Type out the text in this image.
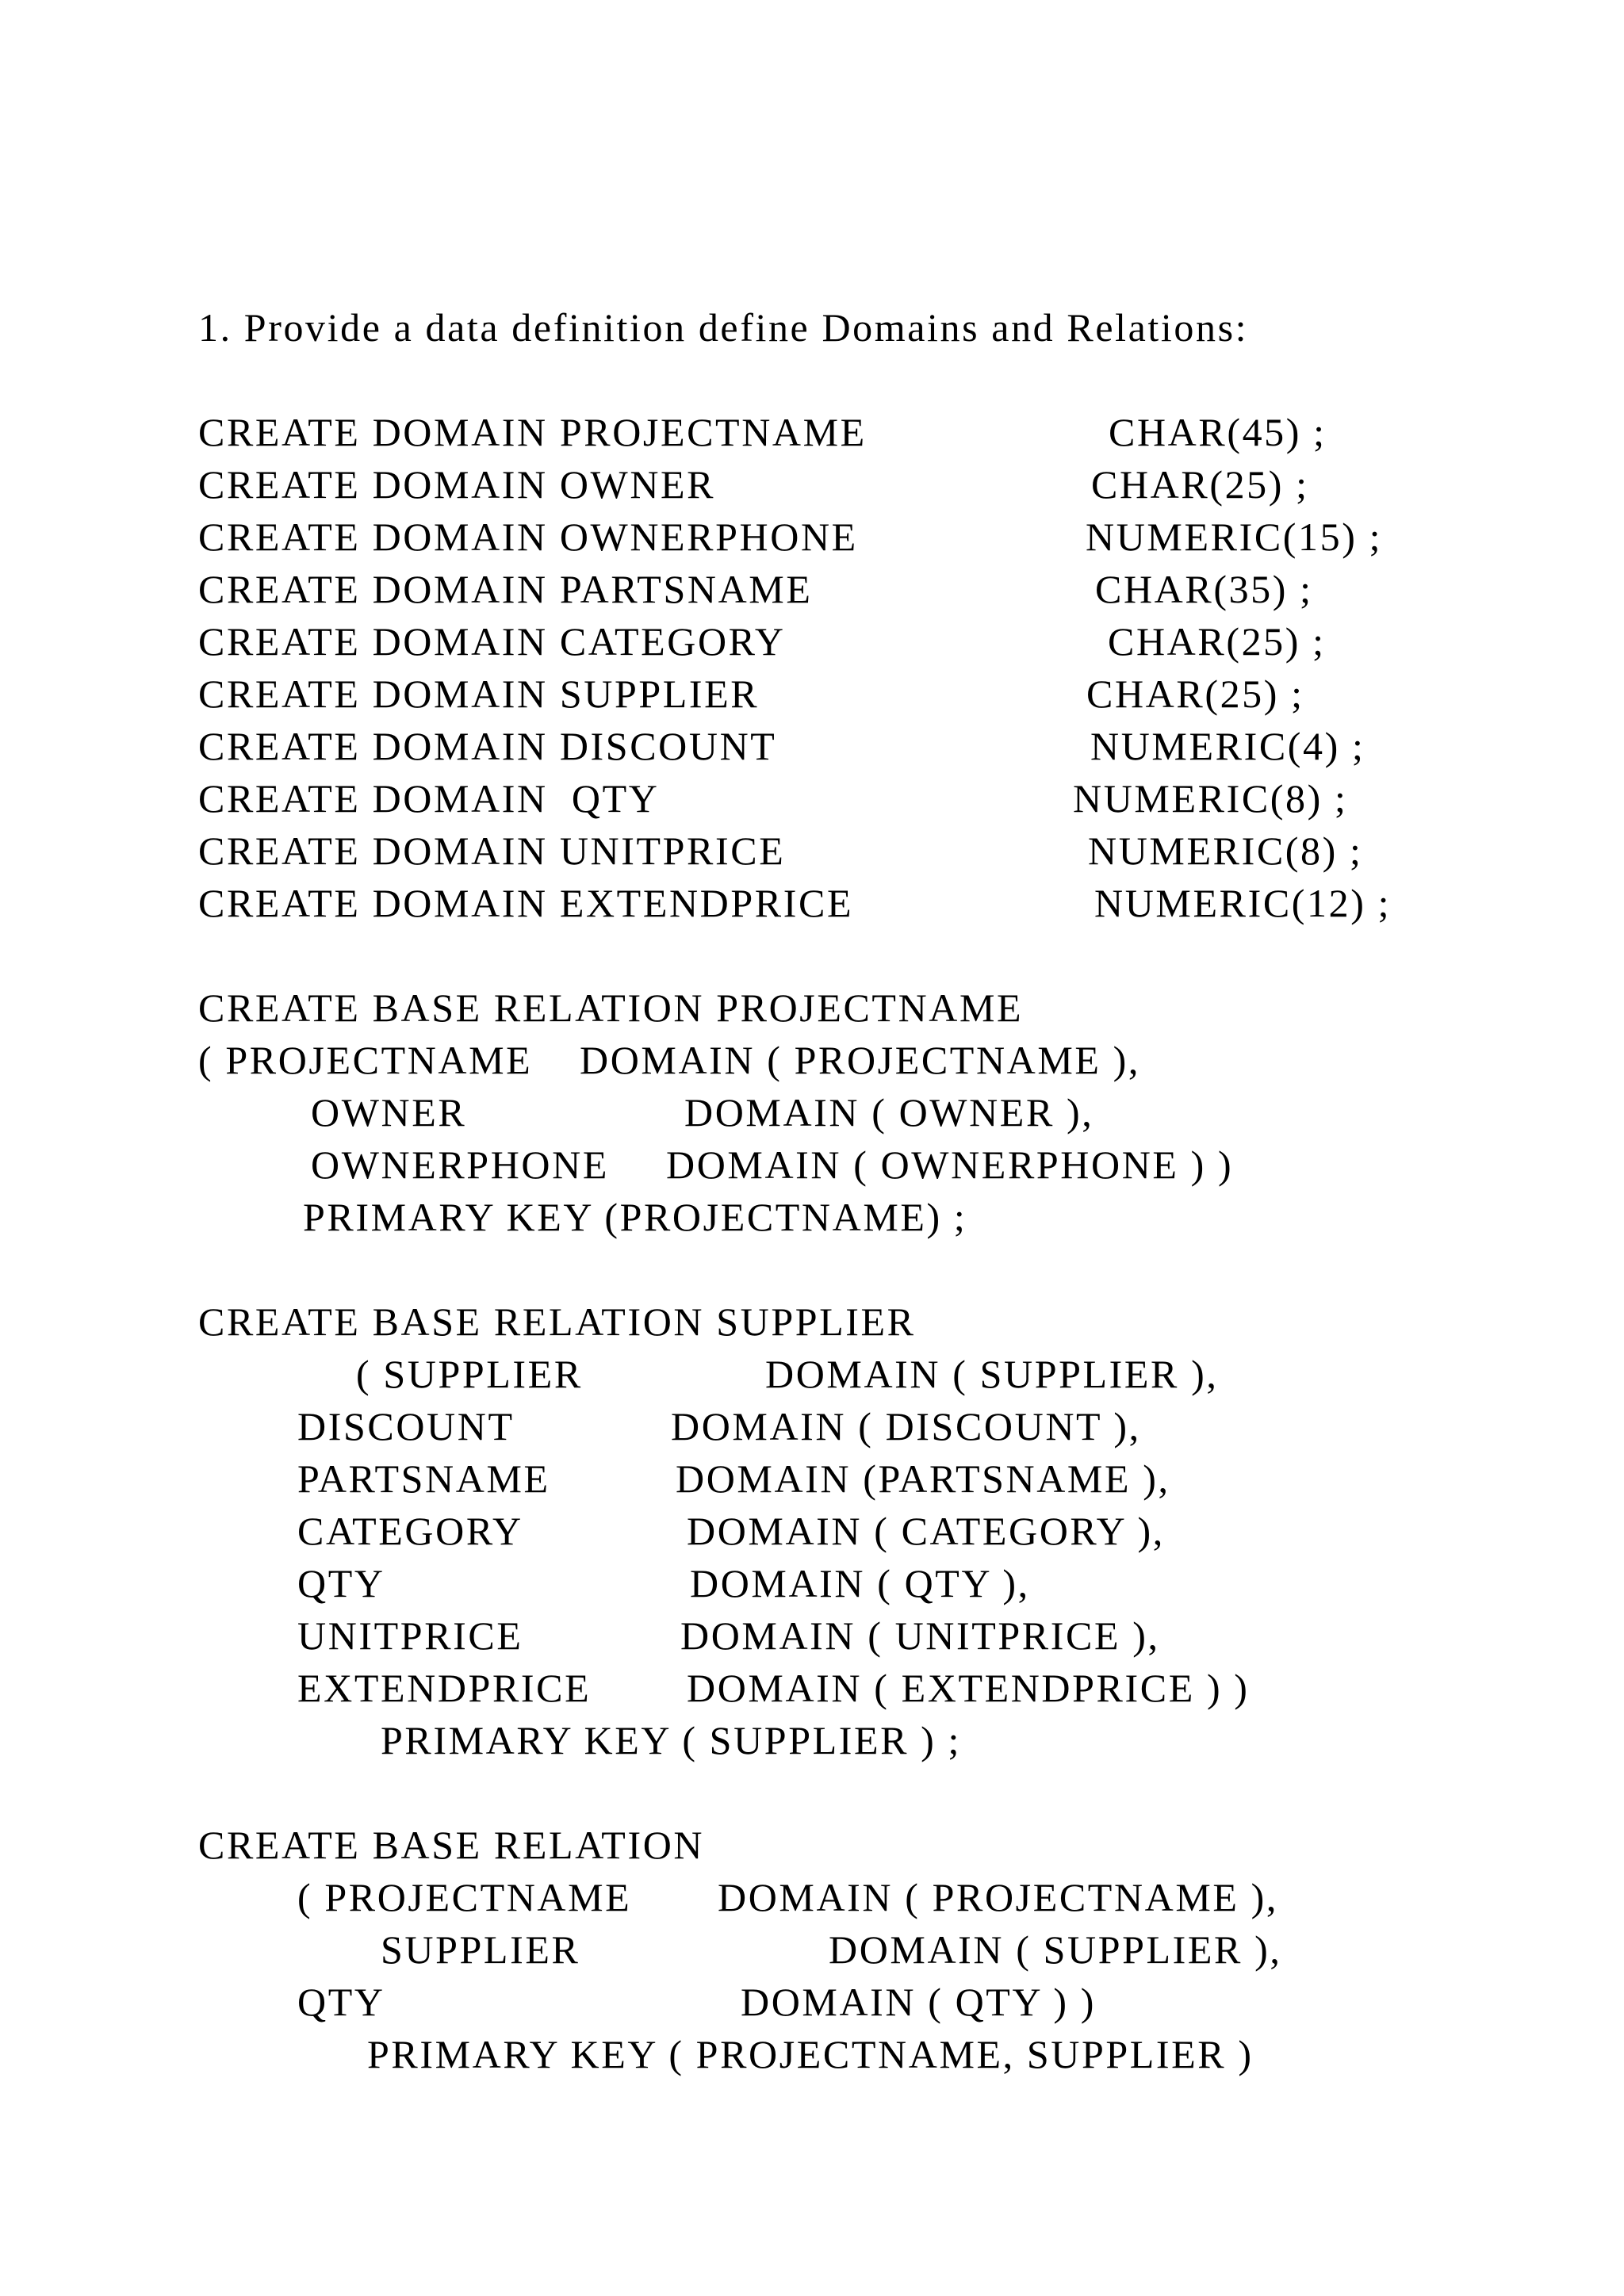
1. Provide a data definition define Domains and Relations:
CREATE DOMAIN PROJECTNAME	CHAR(45) ;
CREATE DOMAIN OWNER	CHAR(25) ;
CREATE DOMAIN OWNERPHONE	NUMERIC(15) ;
CREATE DOMAIN PARTSNAME	CHAR(35) ;
CREATE DOMAIN CATEGORY	CHAR(25) ;
CREATE DOMAIN SUPPLIER	CHAR(25) ;
CREATE DOMAIN DISCOUNT	NUMERIC(4) ;
CREATE DOMAIN  QTY	NUMERIC(8) ;
CREATE DOMAIN UNITPRICE	NUMERIC(8) ;
CREATE DOMAIN EXTENDPRICE	NUMERIC(12) ;
CREATE BASE RELATION PROJECTNAME
( PROJECTNAME DOMAIN ( PROJECTNAME ),
OWNER	DOMAIN ( OWNER ),
OWNERPHONE DOMAIN ( OWNERPHONE ) )
PRIMARY KEY (PROJECTNAME) ;
CREATE BASE RELATION SUPPLIER
( SUPPLIER	DOMAIN ( SUPPLIER ),
DISCOUNT	DOMAIN ( DISCOUNT ),
PARTSNAME	DOMAIN (PARTSNAME ),
CATEGORY	DOMAIN ( CATEGORY ),
QTY	DOMAIN ( QTY ),
UNITPRICE	DOMAIN ( UNITPRICE ),
EXTENDPRICE DOMAIN ( EXTENDPRICE ) )
PRIMARY KEY ( SUPPLIER ) ;
CREATE BASE RELATION
( PROJECTNAME DOMAIN ( PROJECTNAME ),
SUPPLIER	DOMAIN ( SUPPLIER ),
QTY	DOMAIN ( QTY ) )
PRIMARY KEY ( PROJECTNAME, SUPPLIER )
